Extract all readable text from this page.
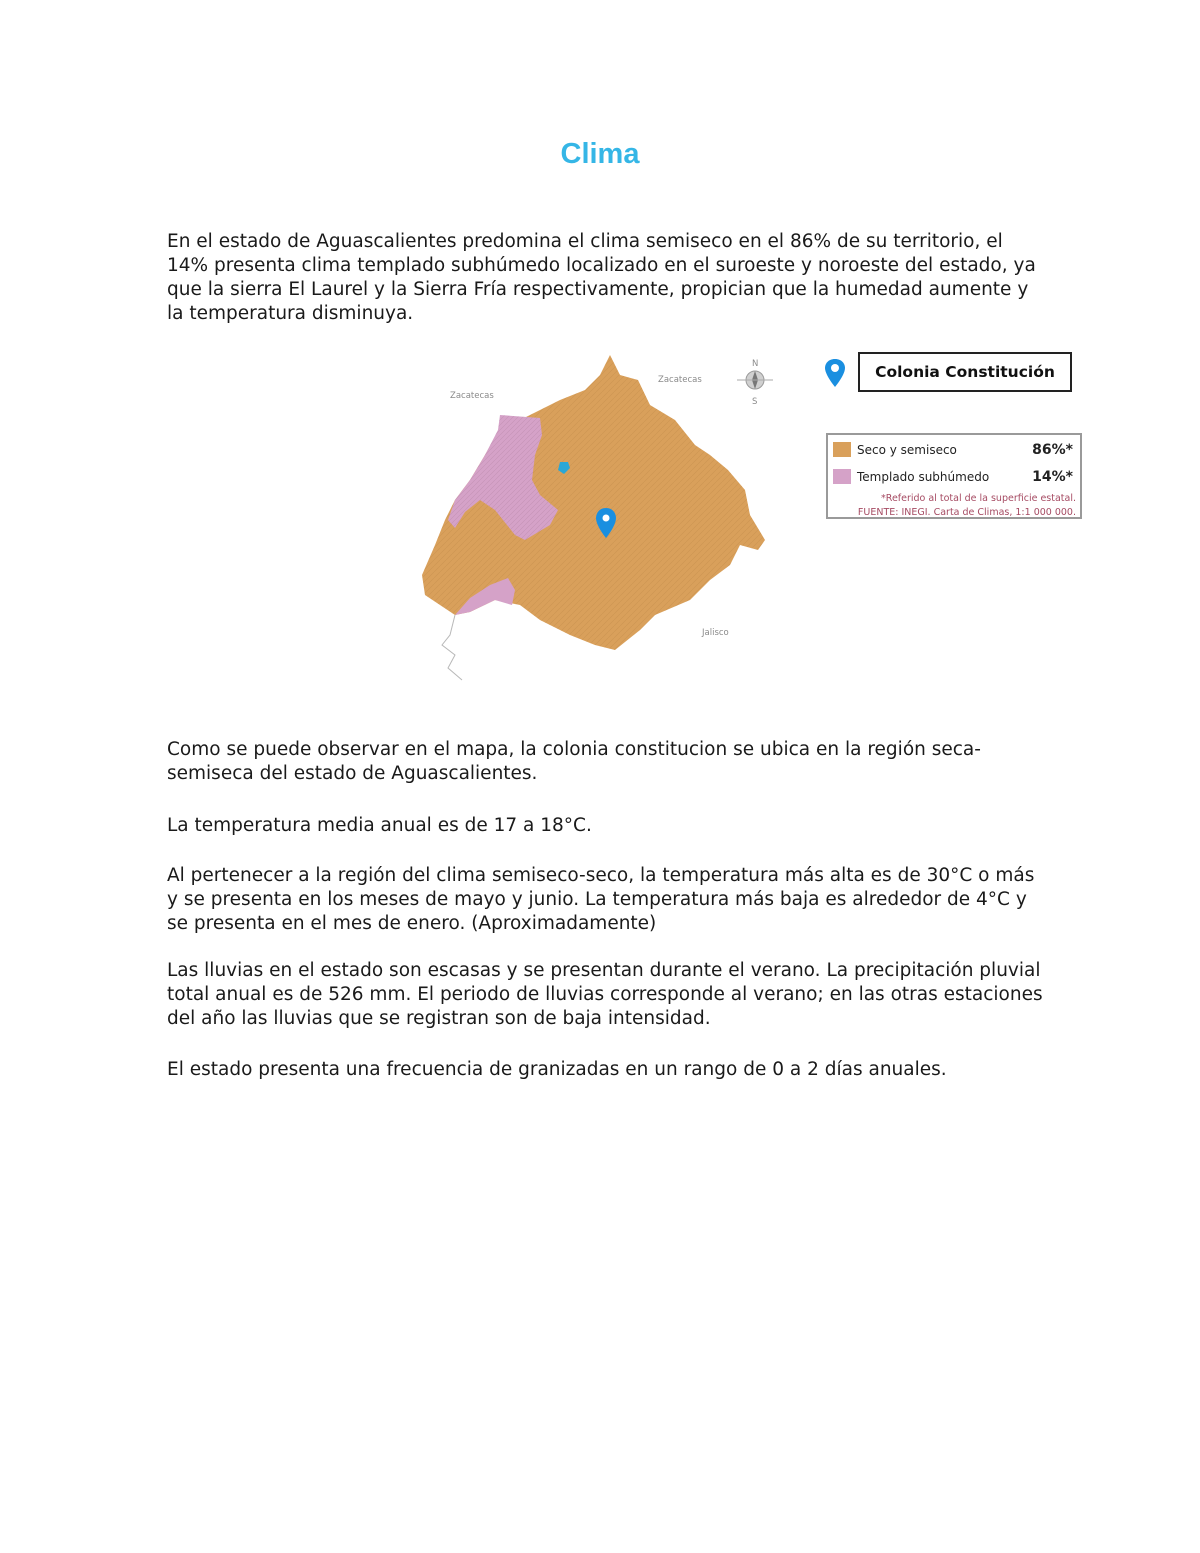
Clima

En el estado de Aguascalientes predomina el clima semiseco en el 86% de su territorio, el 14% presenta clima templado subhúmedo localizado en el suroeste y noroeste del estado, ya que la sierra El Laurel y la Sierra Fría respectivamente, propician que la humedad aumente y la temperatura disminuya.

Zacatecas
Zacatecas
Jalisco
N
S
Colonia Constitución
Seco y semiseco	86%*
Templado subhúmedo	14%*
*Referido al total de la superficie estatal.
FUENTE: INEGI. Carta de Climas, 1:1 000 000.

Como se puede observar en el mapa, la colonia constitucion se ubica en la región seca-semiseca del estado de Aguascalientes.

La temperatura media anual es de 17 a 18°C.

Al pertenecer a la región del clima semiseco-seco, la temperatura más alta es de 30°C o más y se presenta en los meses de mayo y junio. La temperatura más baja es alrededor de 4°C y se presenta en el mes de enero. (Aproximadamente)

Las lluvias en el estado son escasas y se presentan durante el verano. La precipitación pluvial total anual es de 526 mm. El periodo de lluvias corresponde al verano; en las otras estaciones del año las lluvias que se registran son de baja intensidad.

El estado presenta una frecuencia de granizadas en un rango de 0 a 2 días anuales.
